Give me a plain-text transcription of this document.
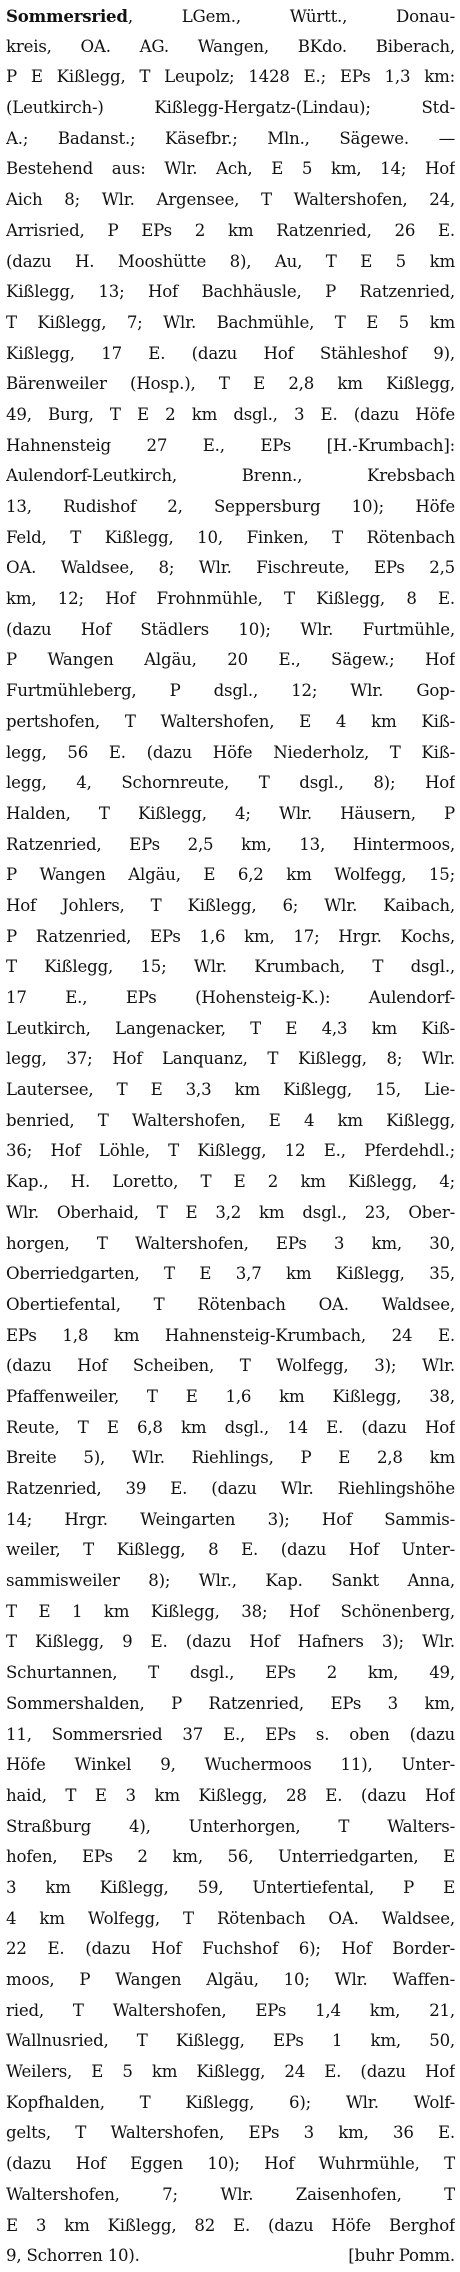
Sommersried, LGem., Württ., Donau-
kreis, OA. AG. Wangen, BKdo. Biberach,
P E Kißlegg, T Leupolz; 1428 E.; EPs 1,3 km:
(Leutkirch-) Kißlegg-Hergatz-(Lindau); Std-
A.; Badanst.; Käsefbr.; Mln., Sägewe. —
Bestehend aus: Wlr. Ach, E 5 km, 14; Hof
Aich 8; Wlr. Argensee, T Waltershofen, 24,
Arrisried, P EPs 2 km Ratzenried, 26 E.
(dazu H. Mooshütte 8), Au, T E 5 km
Kißlegg, 13; Hof Bachhäusle, P Ratzenried,
T Kißlegg, 7; Wlr. Bachmühle, T E 5 km
Kißlegg, 17 E. (dazu Hof Stähleshof 9),
Bärenweiler (Hosp.), T E 2,8 km Kißlegg,
49, Burg, T E 2 km dsgl., 3 E. (dazu Höfe
Hahnensteig 27 E., EPs [H.-Krumbach]:
Aulendorf-Leutkirch, Brenn., Krebsbach
13, Rudishof 2, Seppersburg 10); Höfe
Feld, T Kißlegg, 10, Finken, T Rötenbach
OA. Waldsee, 8; Wlr. Fischreute, EPs 2,5
km, 12; Hof Frohnmühle, T Kißlegg, 8 E.
(dazu Hof Städlers 10); Wlr. Furtmühle,
P Wangen Algäu, 20 E., Sägew.; Hof
Furtmühleberg, P dsgl., 12; Wlr. Gop-
pertshofen, T Waltershofen, E 4 km Kiß-
legg, 56 E. (dazu Höfe Niederholz, T Kiß-
legg, 4, Schornreute, T dsgl., 8); Hof
Halden, T Kißlegg, 4; Wlr. Häusern, P
Ratzenried, EPs 2,5 km, 13, Hintermoos,
P Wangen Algäu, E 6,2 km Wolfegg, 15;
Hof Johlers, T Kißlegg, 6; Wlr. Kaibach,
P Ratzenried, EPs 1,6 km, 17; Hrgr. Kochs,
T Kißlegg, 15; Wlr. Krumbach, T dsgl.,
17 E., EPs (Hohensteig-K.): Aulendorf-
Leutkirch, Langenacker, T E 4,3 km Kiß-
legg, 37; Hof Lanquanz, T Kißlegg, 8; Wlr.
Lautersee, T E 3,3 km Kißlegg, 15, Lie-
benried, T Waltershofen, E 4 km Kißlegg,
36; Hof Löhle, T Kißlegg, 12 E., Pferdehdl.;
Kap., H. Loretto, T E 2 km Kißlegg, 4;
Wlr. Oberhaid, T E 3,2 km dsgl., 23, Ober-
horgen, T Waltershofen, EPs 3 km, 30,
Oberriedgarten, T E 3,7 km Kißlegg, 35,
Obertiefental, T Rötenbach OA. Waldsee,
EPs 1,8 km Hahnensteig-Krumbach, 24 E.
(dazu Hof Scheiben, T Wolfegg, 3); Wlr.
Pfaffenweiler, T E 1,6 km Kißlegg, 38,
Reute, T E 6,8 km dsgl., 14 E. (dazu Hof
Breite 5), Wlr. Riehlings, P E 2,8 km
Ratzenried, 39 E. (dazu Wlr. Riehlingshöhe
14; Hrgr. Weingarten 3); Hof Sammis-
weiler, T Kißlegg, 8 E. (dazu Hof Unter-
sammisweiler 8); Wlr., Kap. Sankt Anna,
T E 1 km Kißlegg, 38; Hof Schönenberg,
T Kißlegg, 9 E. (dazu Hof Hafners 3); Wlr.
Schurtannen, T dsgl., EPs 2 km, 49,
Sommershalden, P Ratzenried, EPs 3 km,
11, Sommersried 37 E., EPs s. oben (dazu
Höfe Winkel 9, Wuchermoos 11), Unter-
haid, T E 3 km Kißlegg, 28 E. (dazu Hof
Straßburg 4), Unterhorgen, T Walters-
hofen, EPs 2 km, 56, Unterriedgarten, E
3 km Kißlegg, 59, Untertiefental, P E
4 km Wolfegg, T Rötenbach OA. Waldsee,
22 E. (dazu Hof Fuchshof 6); Hof Border-
moos, P Wangen Algäu, 10; Wlr. Waffen-
ried, T Waltershofen, EPs 1,4 km, 21,
Wallnusried, T Kißlegg, EPs 1 km, 50,
Weilers, E 5 km Kißlegg, 24 E. (dazu Hof
Kopfhalden, T Kißlegg, 6); Wlr. Wolf-
gelts, T Waltershofen, EPs 3 km, 36 E.
(dazu Hof Eggen 10); Hof Wuhrmühle, T
Waltershofen, 7; Wlr. Zaisenhofen, T
E 3 km Kißlegg, 82 E. (dazu Höfe Berghof
9, Schorren 10).	[buhr Pomm.
